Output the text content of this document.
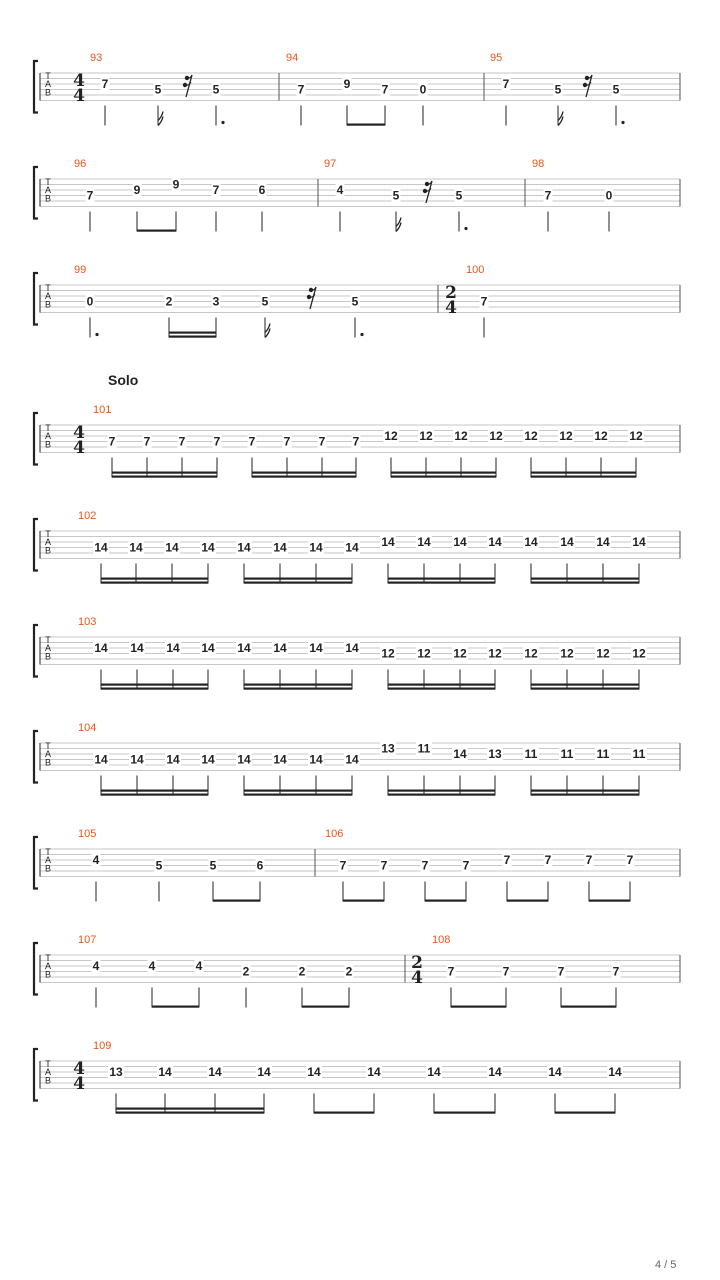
T
A
B
93
4
4
7	5	5
94
7	9	7	0
95
7	5	5
T
A
B
96
7	9	9	7	6
97
4	5	5
98
7	0
T
A
B
99
0	2	3	5	5
100
2
4 7
T
A
B
101
4
4 7 7 7 7 7 7 7 7 12 12 12 12 12 12 12 12
T
A
B
102
14 14 14 14 14 14 14 14 14 14 14 14 14 14 14 14
T
A
B
103
14 14 14 14 14 14 14 14 12 12 12 12 12 12 12 12
T
A
B
104
14 14 14 14 14 14 14 14
13 11 14 13 11 11 11 11
T
A
B
105
4	5	5	6
106
7	7	7	7	7	7	7	7
T
A
B
107
4	4	4	2	2	2
108
2
4 7	7	7	7
T
A
B
109
4
4
13	14	14	14	14	14	14	14	14	14
Solo
4 / 5
